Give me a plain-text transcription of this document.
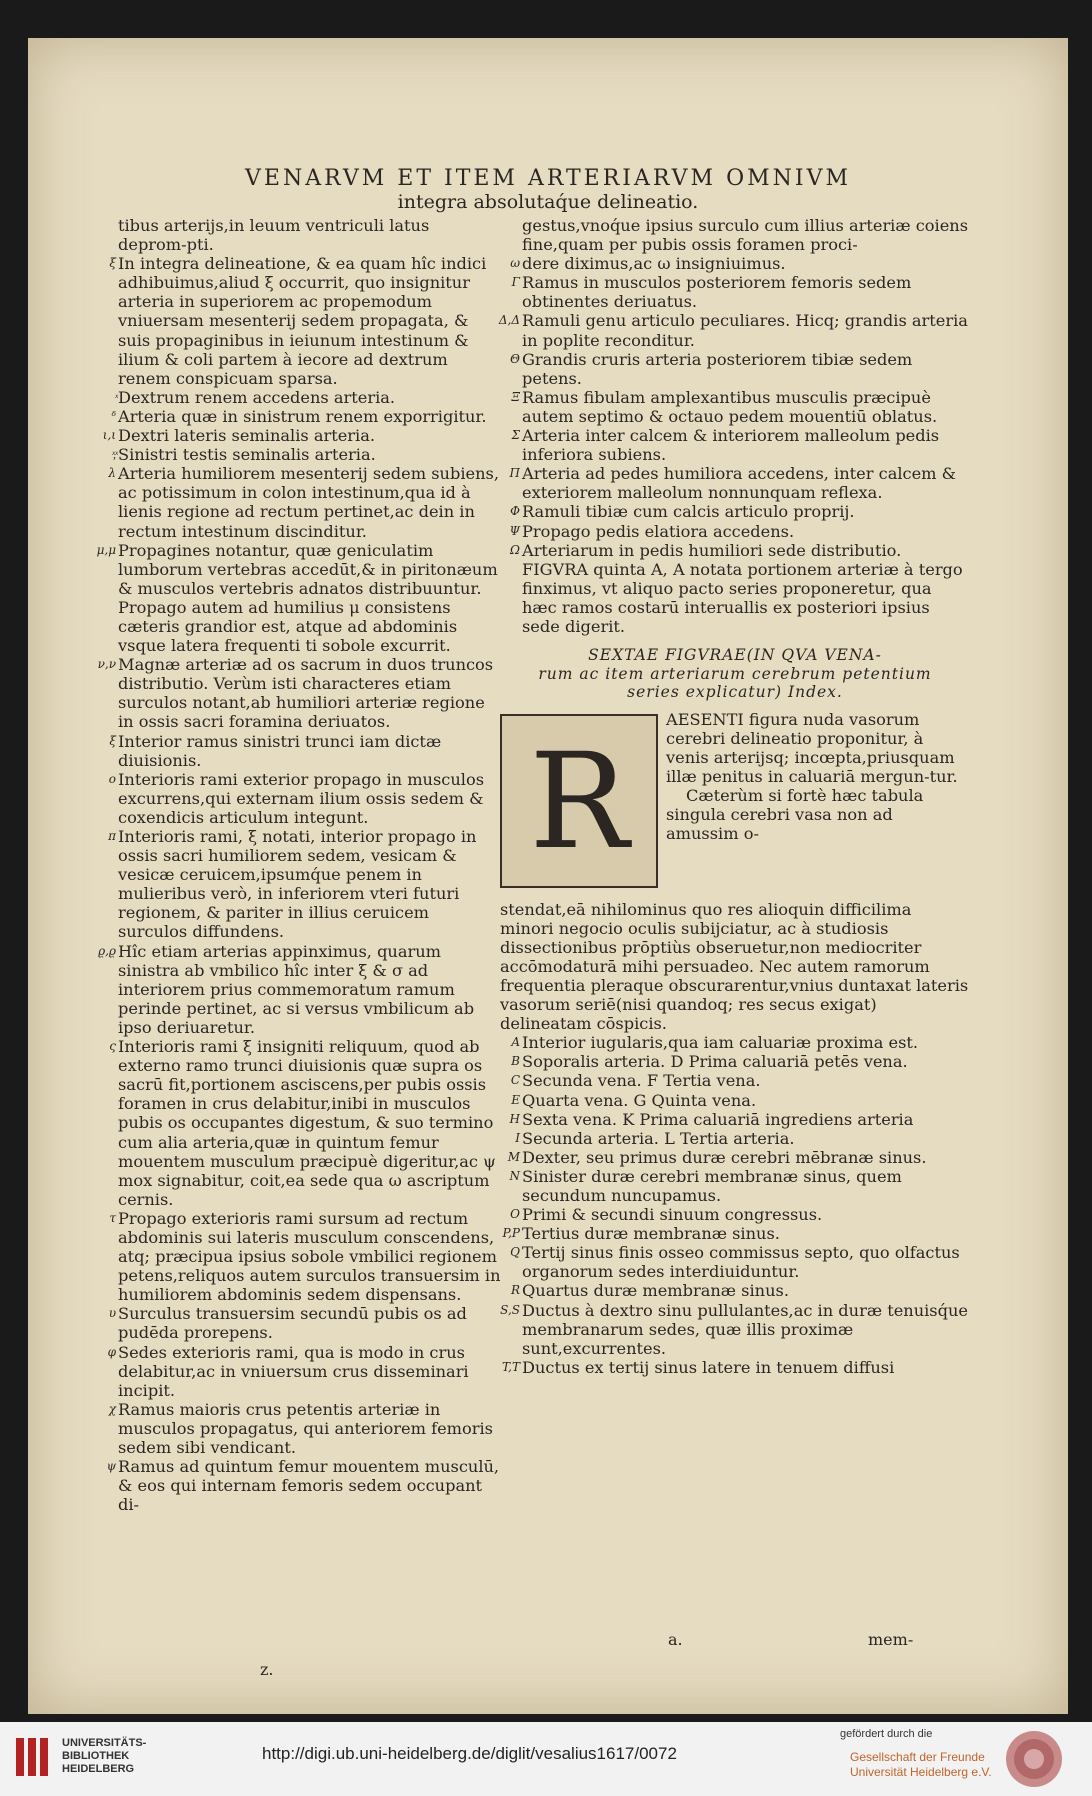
VENARVM ET ITEM ARTERIARVM OMNIVM
integra absolutaq́ue delineatio.
tibus arterijs,in leuum ventriculi latus deprom-pti.
ξ In integra delineatione, & ea quam hîc indici adhibuimus,aliud ξ occurrit, quo insignitur arteria in superiorem ac propemodum vniuersam mesenterij sedem propagata, & suis propaginibus in ieiunum intestinum & ilium & coli partem à iecore ad dextrum renem conspicuam sparsa.
Dextrum renem accedens arteria.
ᵟ Arteria quæ in sinistrum renem exporrigitur.
ι,ι Dextri lateris seminalis arteria.
ͯ,ͯ Sinistri testis seminalis arteria.
λ Arteria humiliorem mesenterij sedem subiens, ac potissimum in colon intestinum,qua id à lienis regione ad rectum pertinet,ac dein in rectum intestinum discinditur.
μ,μ Propagines notantur, quæ geniculatim lumborum vertebras accedūt,& in piritonæum & musculos vertebris adnatos distribuuntur. Propago autem ad humilius μ consistens cæteris grandior est, atque ad abdominis vsque latera frequenti ti sobole excurrit.
ν,ν Magnæ arteriæ ad os sacrum in duos truncos distributio. Verùm isti characteres etiam surculos notant,ab humiliori arteriæ regione in ossis sacri foramina deriuatos.
ξ Interior ramus sinistri trunci iam dictæ diuisionis.
ο Interioris rami exterior propago in musculos excurrens,qui externam ilium ossis sedem & coxendicis articulum integunt.
π Interioris rami, ξ notati, interior propago in ossis sacri humiliorem sedem, vesicam & vesicæ ceruicem,ipsumq́ue penem in mulieribus verò, in inferiorem vteri futuri regionem, & pariter in illius ceruicem surculos diffundens.
ϱ,ϱ Hîc etiam arterias appinximus, quarum sinistra ab vmbilico hîc inter ξ & σ ad interiorem prius commemoratum ramum perinde pertinet, ac si versus vmbilicum ab ipso deriuaretur.
ς Interioris rami ξ insigniti reliquum, quod ab externo ramo trunci diuisionis quæ supra os sacrū fit,portionem asciscens,per pubis ossis foramen in crus delabitur,inibi in musculos pubis os occupantes digestum, & suo termino cum alia arteria,quæ in quintum femur mouentem musculum præcipuè digeritur,ac ψ mox signabitur, coit,ea sede qua ω ascriptum cernis.
τ Propago exterioris rami sursum ad rectum abdominis sui lateris musculum conscendens, atq; præcipua ipsius sobole vmbilici regionem petens,reliquos autem surculos transuersim in humiliorem abdominis sedem dispensans.
υ Surculus transuersim secundū pubis os ad pudēda prorepens.
φ Sedes exterioris rami, qua is modo in crus delabitur,ac in vniuersum crus disseminari incipit.
χ Ramus maioris crus petentis arteriæ in musculos propagatus, qui anteriorem femoris sedem sibi vendicant.
ψ Ramus ad quintum femur mouentem musculū, & eos qui internam femoris sedem occupant di-
gestus,vnoq́ue ipsius surculo cum illius arteriæ coiens fine,quam per pubis ossis foramen proci-
ω dere diximus,ac ω insigniuimus.
Γ Ramus in musculos posteriorem femoris sedem obtinentes deriuatus.
Δ,Δ Ramuli genu articulo peculiares. Hicq; grandis arteria in poplite reconditur.
Θ Grandis cruris arteria posteriorem tibiæ sedem petens.
Ξ Ramus fibulam amplexantibus musculis præcipuè autem septimo & octauo pedem mouentiū oblatus.
Σ Arteria inter calcem & interiorem malleolum pedis inferiora subiens.
Π Arteria ad pedes humiliora accedens, inter calcem & exteriorem malleolum nonnunquam reflexa.
Φ Ramuli tibiæ cum calcis articulo proprij.
Ψ Propago pedis elatiora accedens.
Ω Arteriarum in pedis humiliori sede distributio.
FIGVRA quinta A, A notata portionem arteriæ à tergo finximus, vt aliquo pacto series proponeretur, qua hæc ramos costarū interuallis ex posteriori ipsius sede digerit.
SEXTAE FIGVRAE(IN QVA VENA-
rum ac item arteriarum cerebrum petentium
series explicatur) Index.
R
AESENTI figura nuda vasorum cerebri delineatio proponitur, à venis arterijsq; incœpta,priusquam illæ penitus in caluariā mergun-tur.
Cæterùm si fortè hæc tabula singula cerebri vasa non ad amussim o-
stendat,eā nihilominus quo res alioquin difficilima minori negocio oculis subijciatur, ac à studiosis dissectionibus prōptiùs obseruetur,non mediocriter accōmodaturā mihi persuadeo. Nec autem ramorum frequentia pleraque obscurarentur,vnius duntaxat lateris vasorum seriē(nisi quandoq; res secus exigat) delineatam cōspicis.
A Interior iugularis,qua iam caluariæ proxima est.
B Soporalis arteria. D Prima caluariā petēs vena.
C Secunda vena. F Tertia vena.
E Quarta vena. G Quinta vena.
H Sexta vena. K Prima caluariā ingrediens arteria
I Secunda arteria. L Tertia arteria.
M Dexter, seu primus duræ cerebri mēbranæ sinus.
N Sinister duræ cerebri membranæ sinus, quem secundum nuncupamus.
O Primi & secundi sinuum congressus.
P,P Tertius duræ membranæ sinus.
Q Tertij sinus finis osseo commissus septo, quo olfactus organorum sedes interdiuiduntur.
R Quartus duræ membranæ sinus.
S,S Ductus à dextro sinu pullulantes,ac in duræ tenuisq́ue membranarum sedes, quæ illis proximæ sunt,excurrentes.
T,T Ductus ex tertij sinus latere in tenuem diffusi
z.
a.	mem-
UNIVERSITÄTS-
BIBLIOTHEK
HEIDELBERG
http://digi.ub.uni-heidelberg.de/diglit/vesalius1617/0072
gefördert durch die
Gesellschaft der Freunde
Universität Heidelberg e.V.
